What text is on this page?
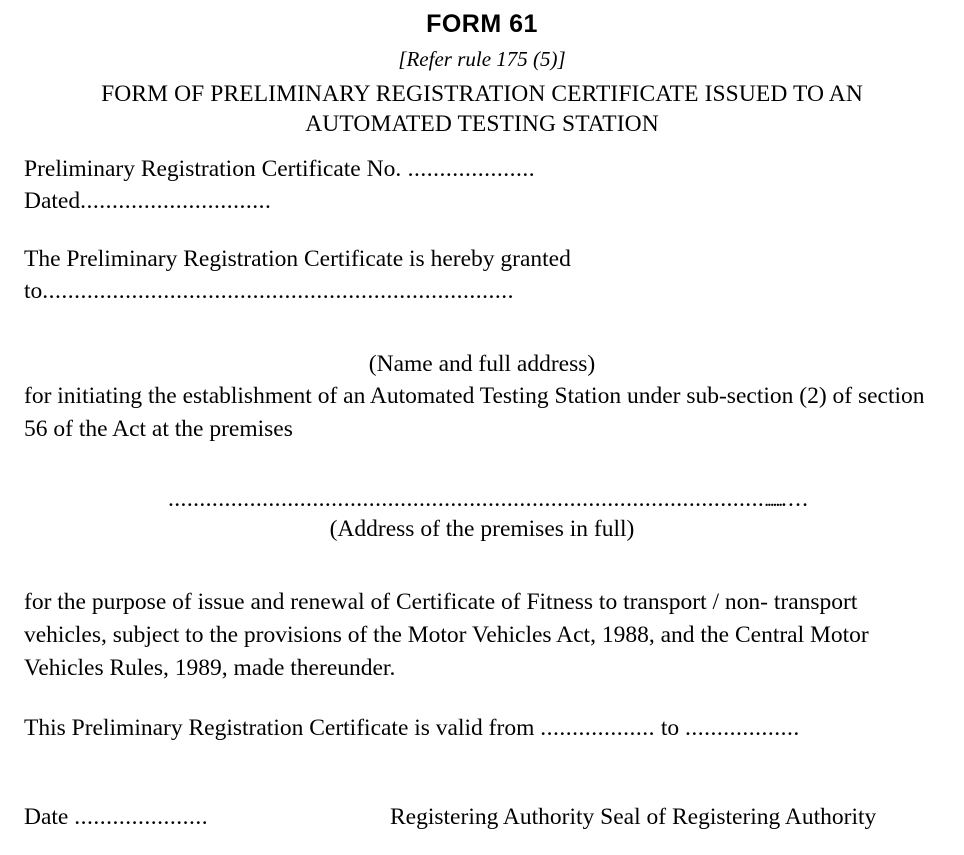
FORM 61
[Refer rule 175 (5)]
FORM OF PRELIMINARY REGISTRATION CERTIFICATE ISSUED TO AN AUTOMATED TESTING STATION
Preliminary Registration Certificate No. ....................
Dated..............................
The Preliminary Registration Certificate is hereby granted
to..........................................................................
(Name and full address)
for initiating the establishment of an Automated Testing Station under sub-section (2) of section 56 of the Act at the premises
.........................................................................................................
(Address of the premises in full)
for the purpose of issue and renewal of Certificate of Fitness to transport / non- transport vehicles, subject to the provisions of the Motor Vehicles Act, 1988, and the Central Motor Vehicles Rules, 1989, made thereunder.
This Preliminary Registration Certificate is valid from .................. to ..................
Date .....................	Registering Authority Seal of Registering Authority
